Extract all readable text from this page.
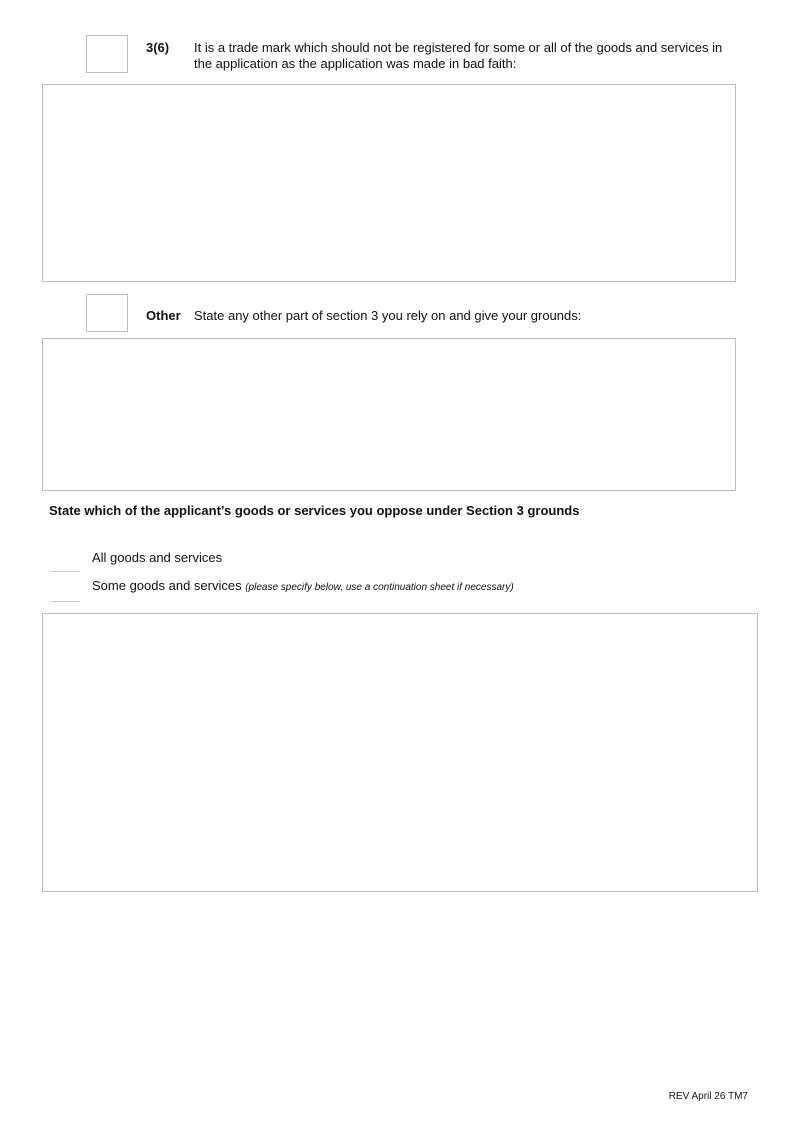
3(6) It is a trade mark which should not be registered for some or all of the goods and services in the application as the application was made in bad faith:
Other State any other part of section 3 you rely on and give your grounds:
State which of the applicant’s goods or services you oppose under Section 3 grounds
All goods and services
Some goods and services (please specify below, use a continuation sheet if necessary)
REV April 26 TM7
